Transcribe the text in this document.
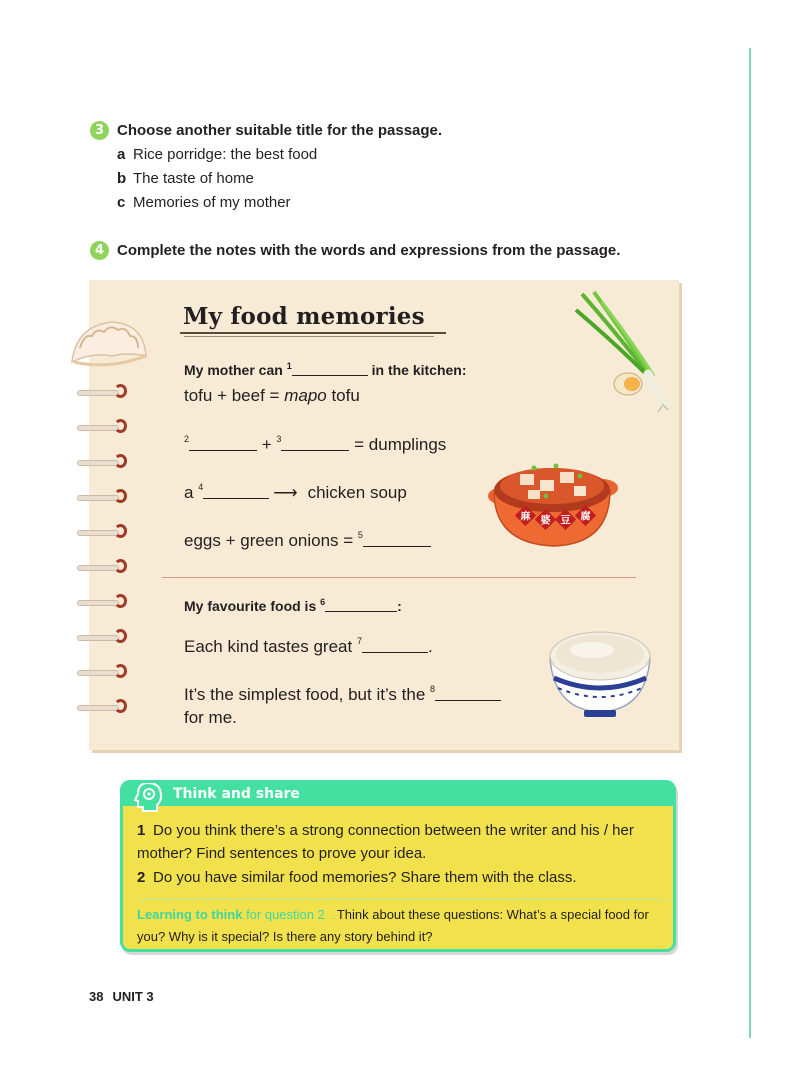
3 Choose another suitable title for the passage.
a Rice porridge: the best food
b The taste of home
c Memories of my mother
4 Complete the notes with the words and expressions from the passage.
My food memories
My mother can $^1$	in the kitchen:
tofu + beef = mapo tofu
$^2$	+ $^3$	= dumplings
a $^4$	⟶ chicken soup
eggs + green onions = $^5$
麻 婆 豆 腐
My favourite food is $^6$	:
Each kind tastes great $^7$	.
It’s the simplest food, but it’s the $^8$
for me.
Think and share
1 Do you think there’s a strong connection between the writer and his / her mother? Find sentences to prove your idea.
2 Do you have similar food memories? Share them with the class.
Learning to think for question 2 Think about these questions: What’s a special food for you? Why is it special? Is there any story behind it?
38 UNIT 3
